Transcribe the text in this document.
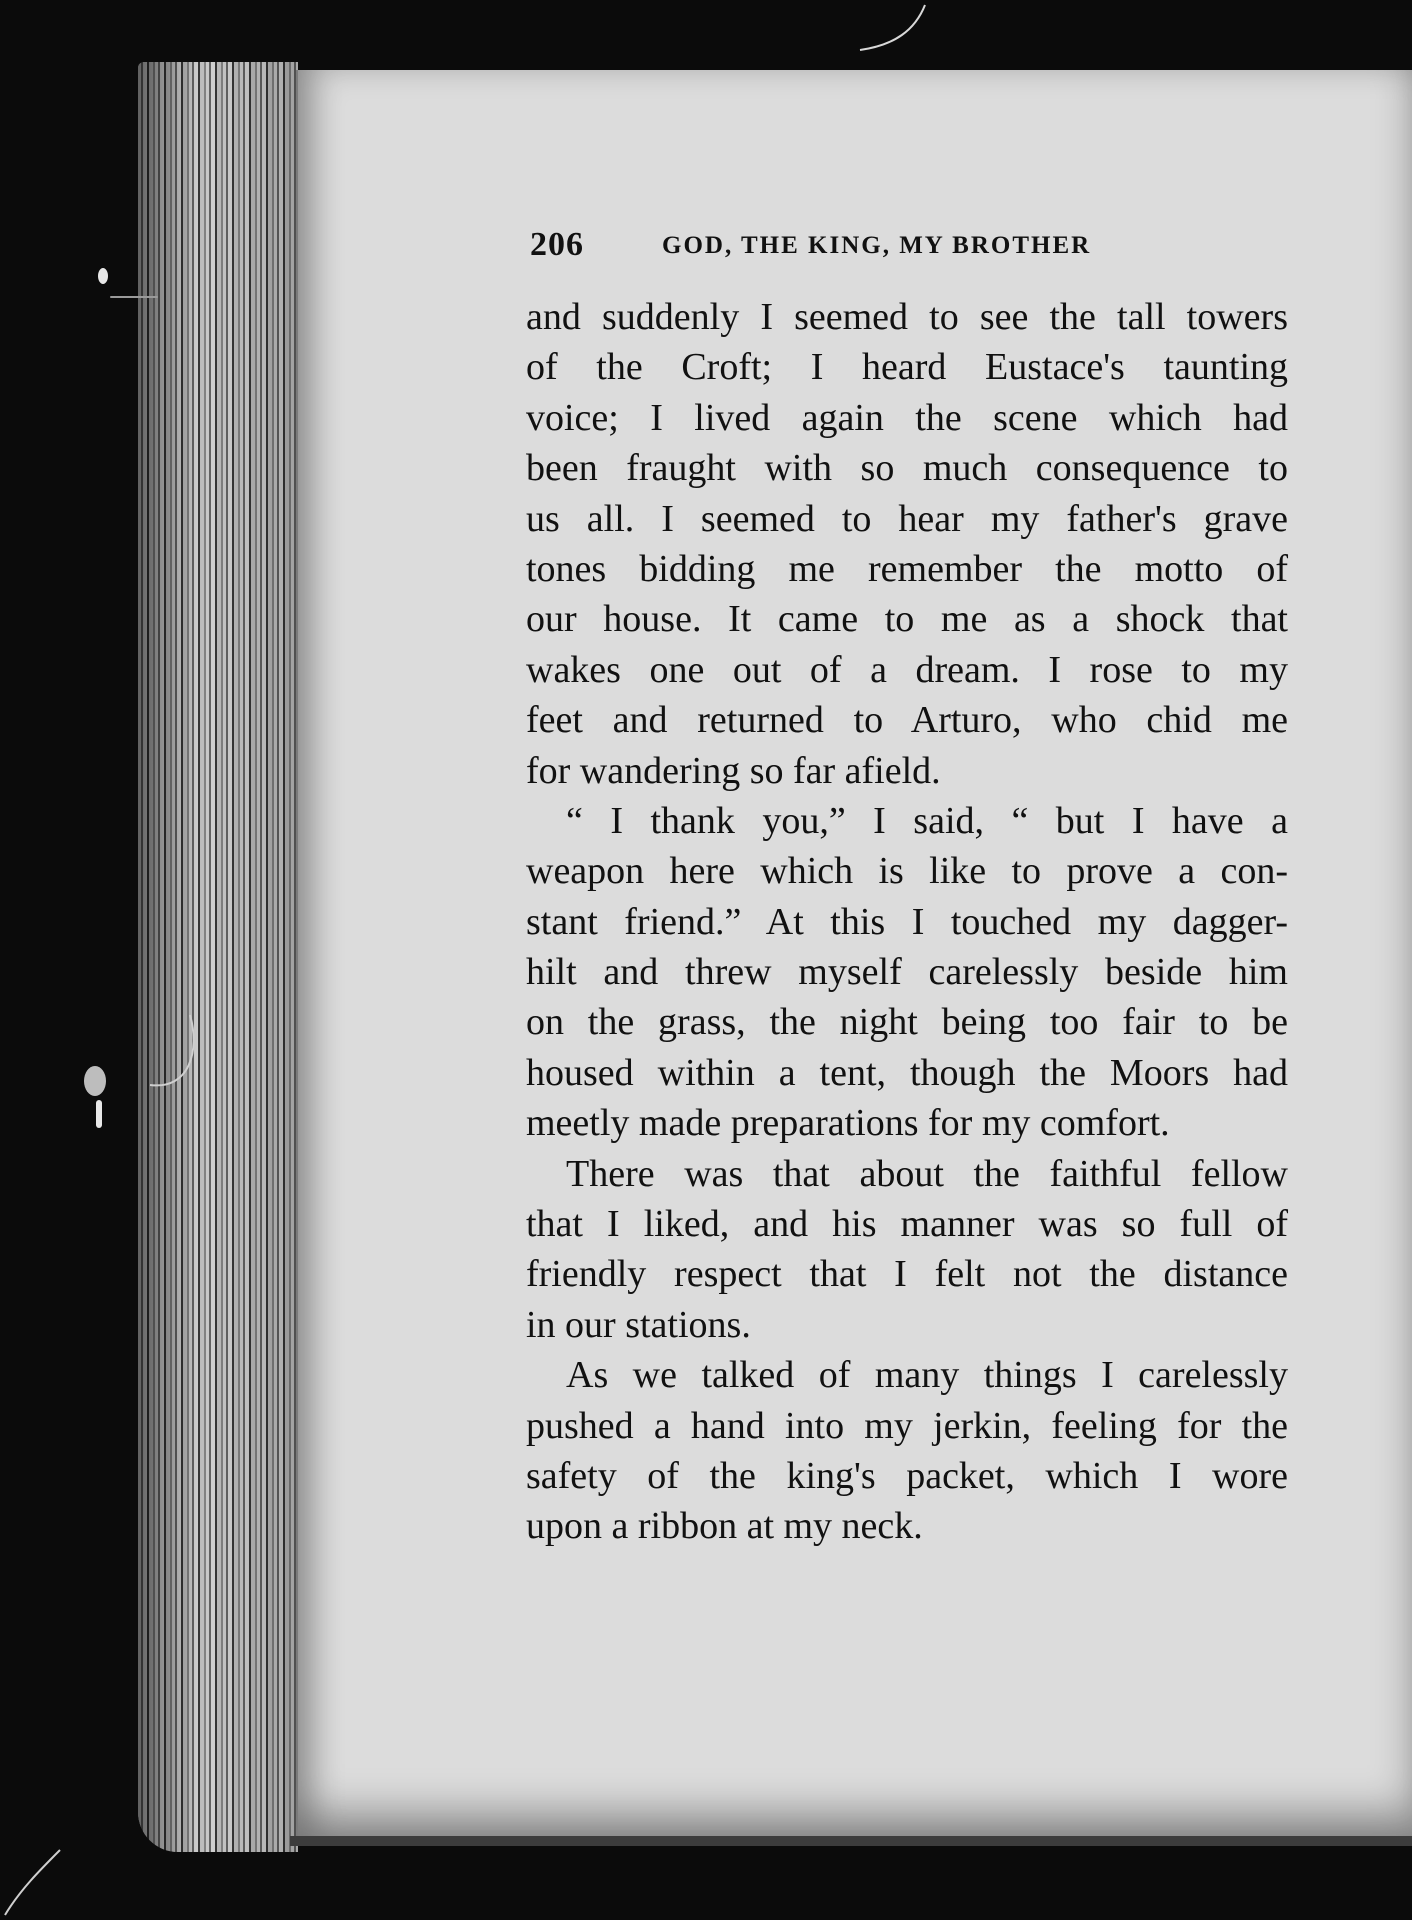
206	GOD, THE KING, MY BROTHER
and suddenly I seemed to see the tall towers
of the Croft; I heard Eustace's taunting
voice; I lived again the scene which had
been fraught with so much consequence to
us all. I seemed to hear my father's grave
tones bidding me remember the motto of
our house. It came to me as a shock that
wakes one out of a dream. I rose to my
feet and returned to Arturo, who chid me
for wandering so far afield.
“ I thank you,” I said, “ but I have a
weapon here which is like to prove a con-
stant friend.” At this I touched my dagger-
hilt and threw myself carelessly beside him
on the grass, the night being too fair to be
housed within a tent, though the Moors had
meetly made preparations for my comfort.
There was that about the faithful fellow
that I liked, and his manner was so full of
friendly respect that I felt not the distance
in our stations.
As we talked of many things I carelessly
pushed a hand into my jerkin, feeling for the
safety of the king's packet, which I wore
upon a ribbon at my neck.
